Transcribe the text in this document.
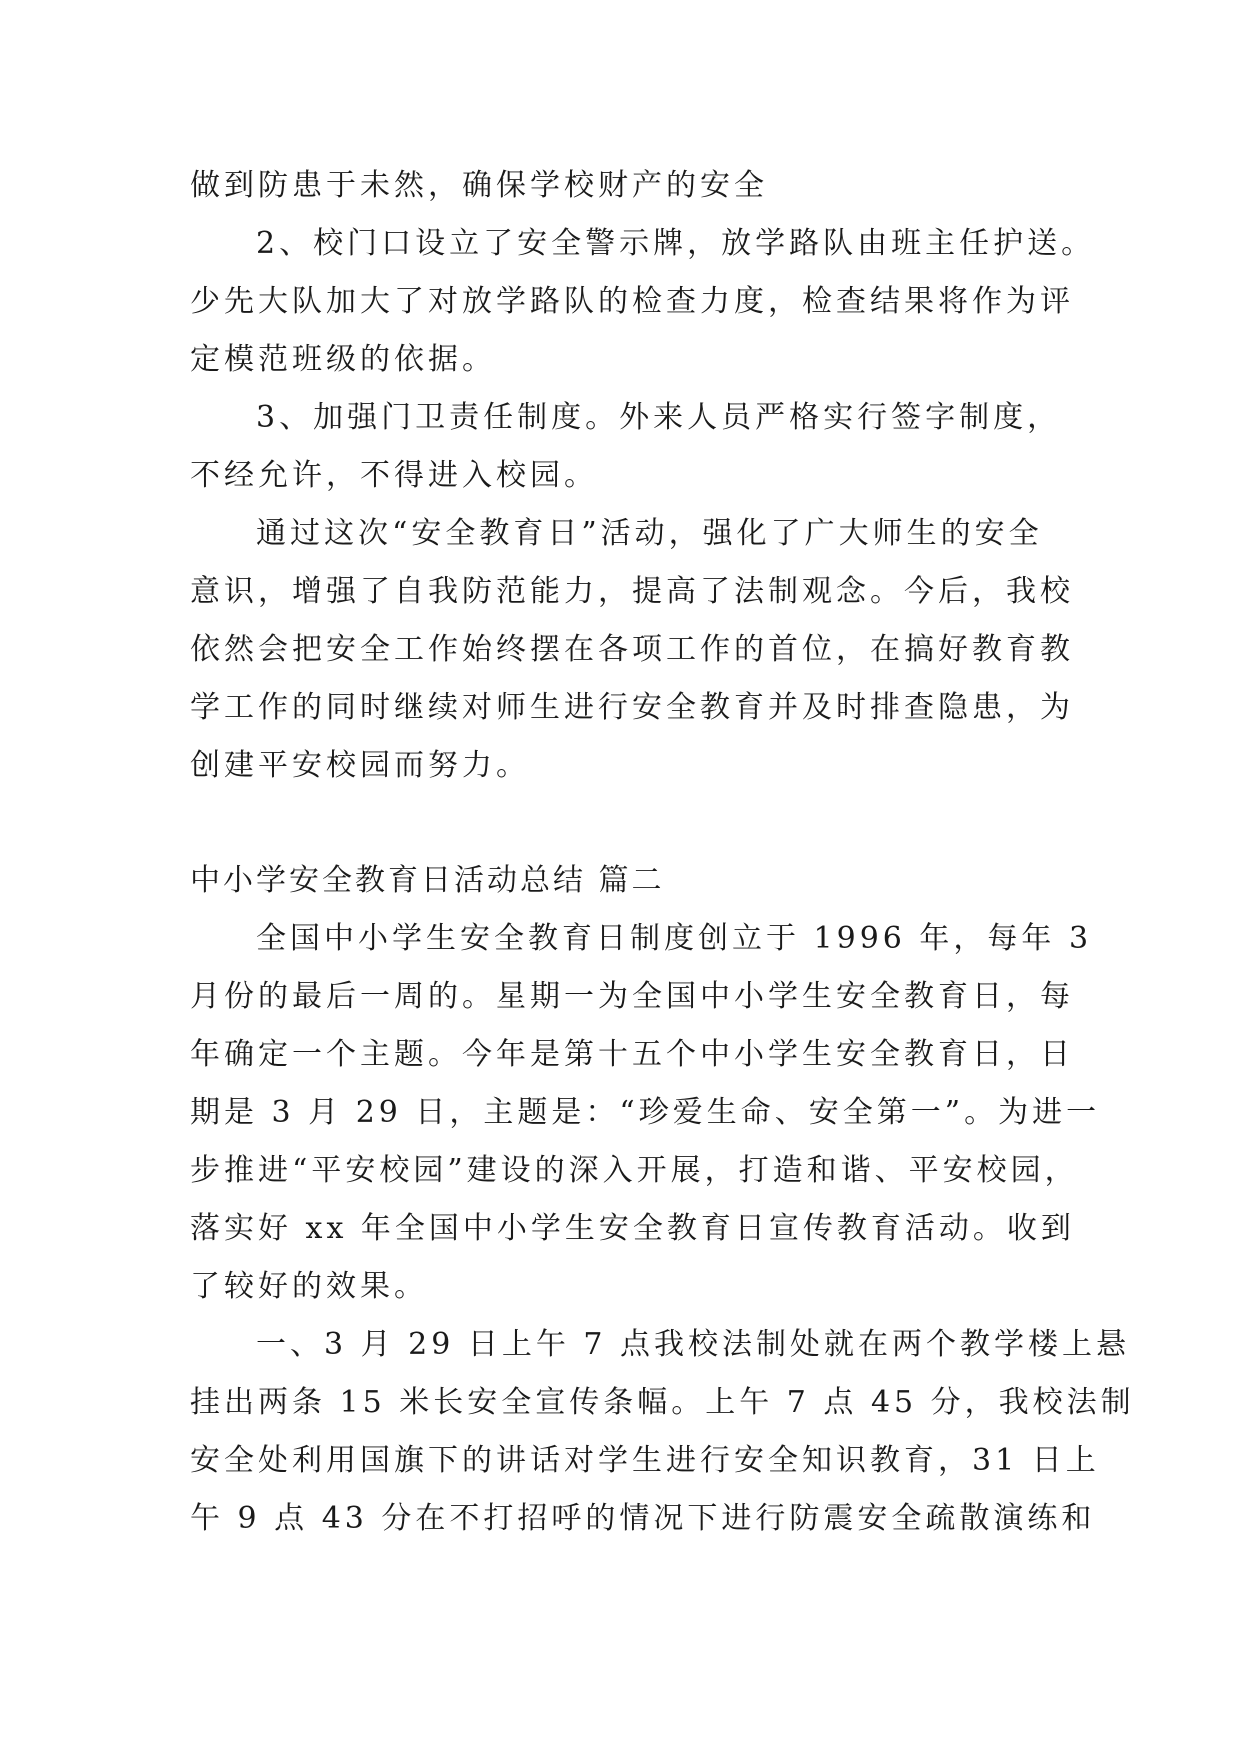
做到防患于未然，确保学校财产的安全
2、校门口设立了安全警示牌，放学路队由班主任护送。
少先大队加大了对放学路队的检查力度，检查结果将作为评
定模范班级的依据。
3、加强门卫责任制度。外来人员严格实行签字制度，
不经允许，不得进入校园。
通过这次“安全教育日”活动，强化了广大师生的安全
意识，增强了自我防范能力，提高了法制观念。今后，我校
依然会把安全工作始终摆在各项工作的首位，在搞好教育教
学工作的同时继续对师生进行安全教育并及时排查隐患，为
创建平安校园而努力。
中小学安全教育日活动总结 篇二
全国中小学生安全教育日制度创立于 1996 年，每年 3
月份的最后一周的。星期一为全国中小学生安全教育日，每
年确定一个主题。今年是第十五个中小学生安全教育日，日
期是 3 月 29 日，主题是：“珍爱生命、安全第一”。为进一
步推进“平安校园”建设的深入开展，打造和谐、平安校园，
落实好 xx 年全国中小学生安全教育日宣传教育活动。收到
了较好的效果。
一、3 月 29 日上午 7 点我校法制处就在两个教学楼上悬
挂出两条 15 米长安全宣传条幅。上午 7 点 45 分，我校法制
安全处利用国旗下的讲话对学生进行安全知识教育，31 日上
午 9 点 43 分在不打招呼的情况下进行防震安全疏散演练和
